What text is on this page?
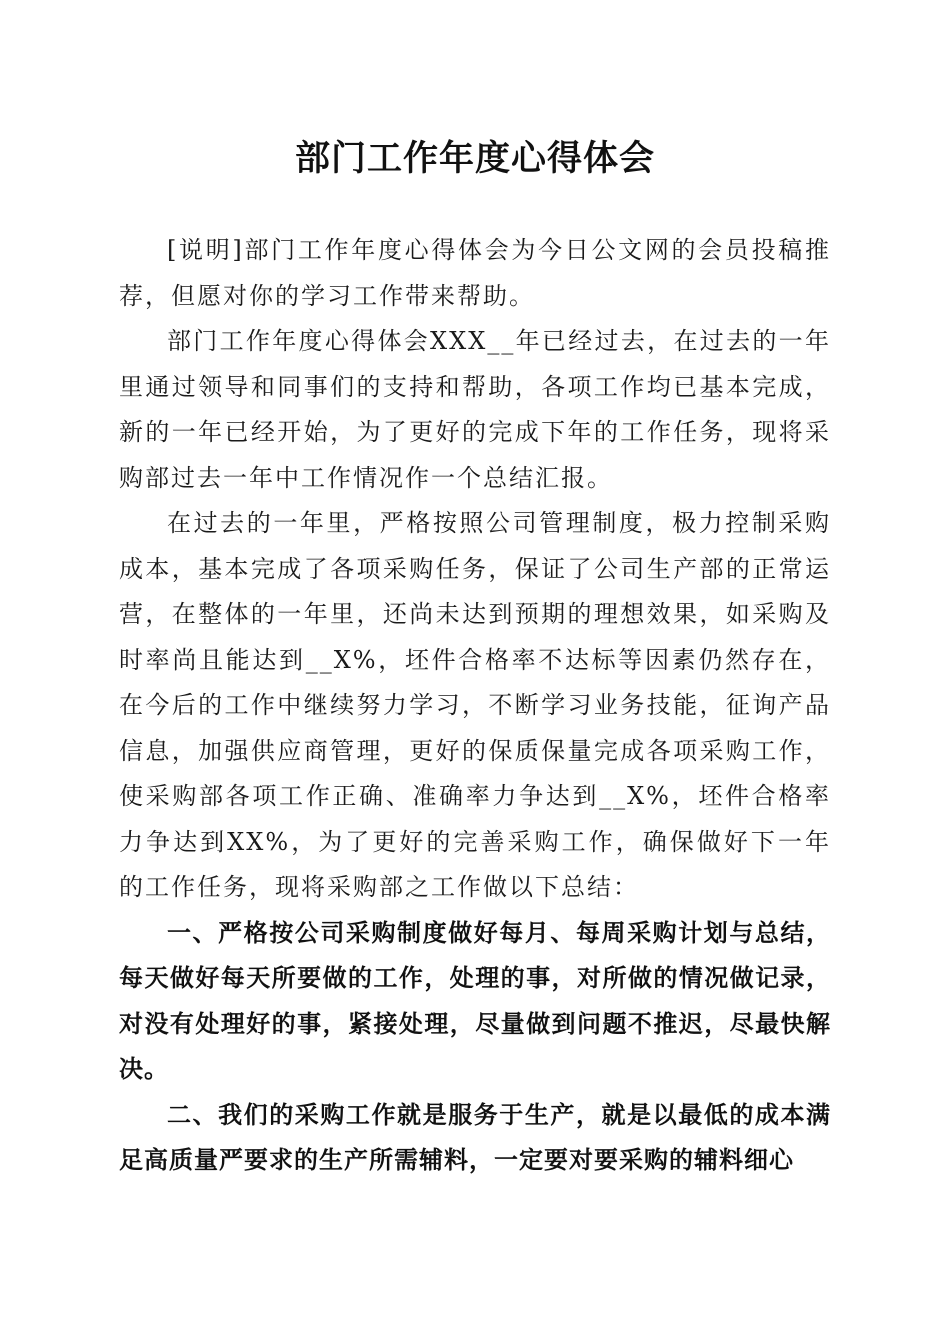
部门工作年度心得体会

[说明]部门工作年度心得体会为今日公文网的会员投稿推荐，但愿对你的学习工作带来帮助。

部门工作年度心得体会XXX__年已经过去，在过去的一年里通过领导和同事们的支持和帮助，各项工作均已基本完成，新的一年已经开始，为了更好的完成下年的工作任务，现将采购部过去一年中工作情况作一个总结汇报。

在过去的一年里，严格按照公司管理制度，极力控制采购成本，基本完成了各项采购任务，保证了公司生产部的正常运营，在整体的一年里，还尚未达到预期的理想效果，如采购及时率尚且能达到__X%，坯件合格率不达标等因素仍然存在，在今后的工作中继续努力学习，不断学习业务技能，征询产品信息，加强供应商管理，更好的保质保量完成各项采购工作，使采购部各项工作正确、准确率力争达到__X%，坯件合格率力争达到XX%，为了更好的完善采购工作，确保做好下一年的工作任务，现将采购部之工作做以下总结：

一、严格按公司采购制度做好每月、每周采购计划与总结，每天做好每天所要做的工作，处理的事，对所做的情况做记录，对没有处理好的事，紧接处理，尽量做到问题不推迟，尽最快解决。

二、我们的采购工作就是服务于生产，就是以最低的成本满足高质量严要求的生产所需辅料，一定要对要采购的辅料细心
